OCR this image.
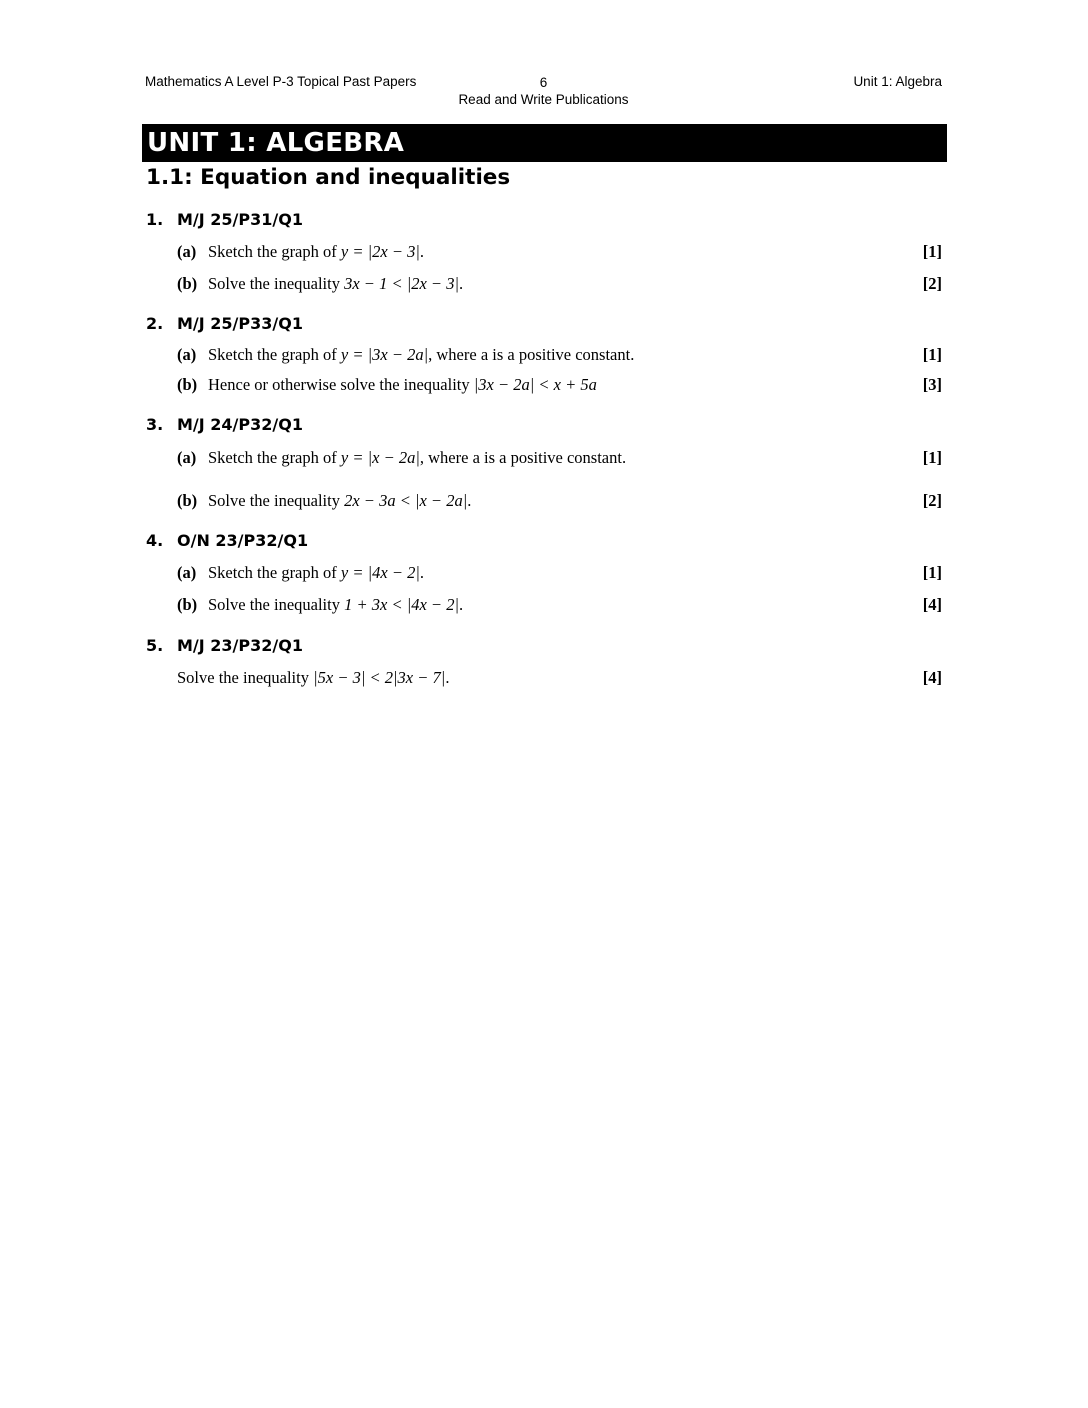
Mathematics A Level P-3 Topical Past Papers	6
Read and Write Publications
Unit 1: Algebra
UNIT 1: ALGEBRA
1.1: Equation and inequalities
1. M/J 25/P31/Q1
(a) Sketch the graph of y = |2x − 3|.	[1]
(b) Solve the inequality 3x − 1 < |2x − 3|.	[2]
2. M/J 25/P33/Q1
(a) Sketch the graph of y = |3x − 2a|, where a is a positive constant.	[1]
(b) Hence or otherwise solve the inequality |3x − 2a| < x + 5a	[3]
3. M/J 24/P32/Q1
(a) Sketch the graph of y = |x − 2a|, where a is a positive constant.	[1]
(b) Solve the inequality 2x − 3a < |x − 2a|.	[2]
4. O/N 23/P32/Q1
(a) Sketch the graph of y = |4x − 2|.	[1]
(b) Solve the inequality 1 + 3x < |4x − 2|.	[4]
5. M/J 23/P32/Q1
Solve the inequality |5x − 3| < 2|3x − 7|.	[4]
